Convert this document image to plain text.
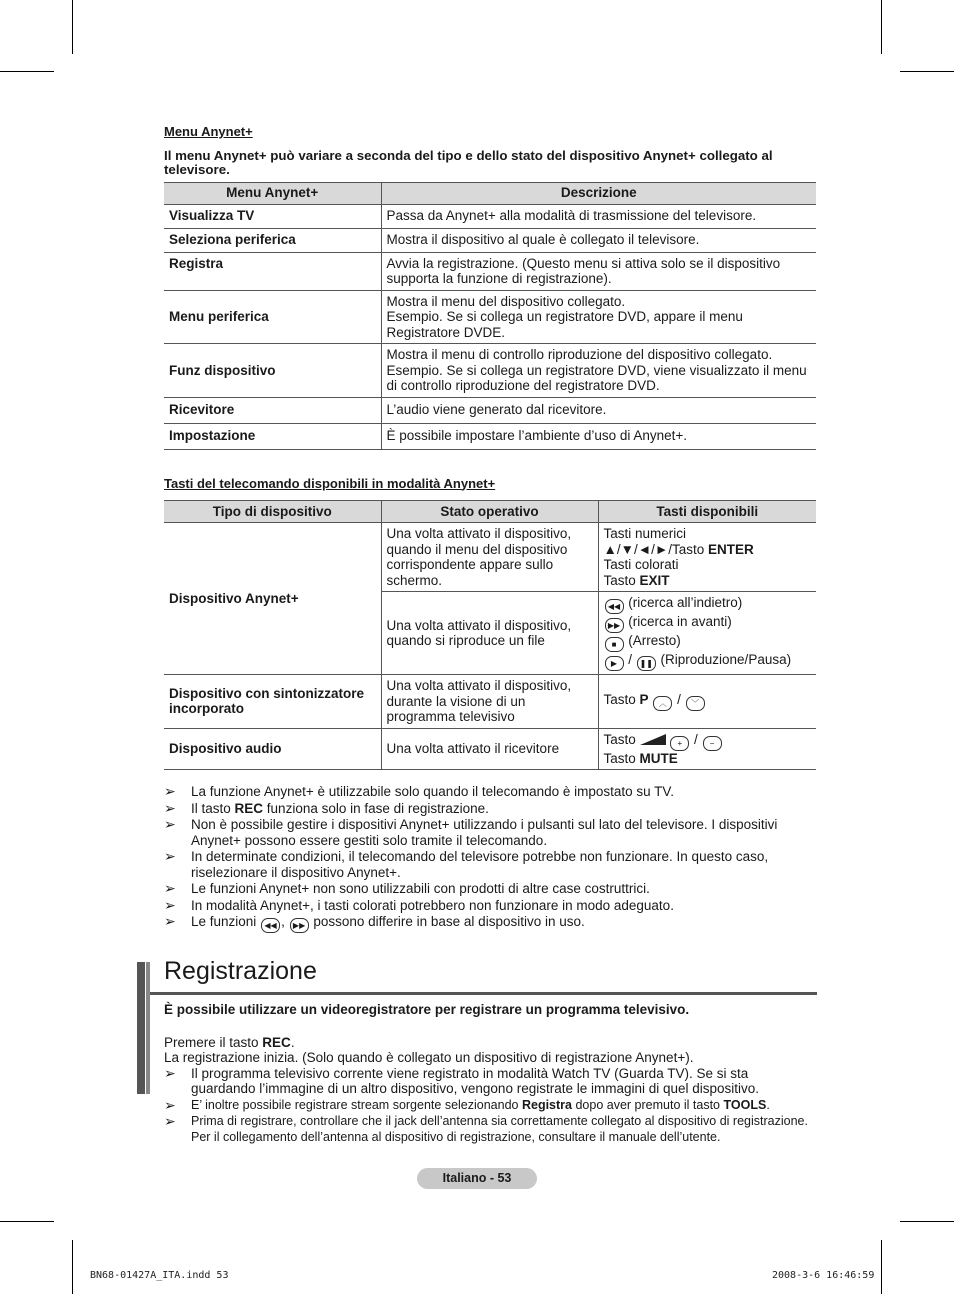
Menu Anynet+

Il menu Anynet+ può variare a seconda del tipo e dello stato del dispositivo Anynet+ collegato al televisore.
Menu Anynet+	Descrizione
Visualizza TV	Passa da Anynet+ alla modalità di trasmissione del televisore.
Seleziona periferica	Mostra il dispositivo al quale è collegato il televisore.
Registra	Avvia la registrazione. (Questo menu si attiva solo se il dispositivo supporta la funzione di registrazione).
Menu periferica	Mostra il menu del dispositivo collegato.
Esempio. Se si collega un registratore DVD, appare il menu Registratore DVDE.

Funz dispositivo	Mostra il menu di controllo riproduzione del dispositivo collegato.
Esempio. Se si collega un registratore DVD, viene visualizzato il menu di controllo riproduzione del registratore DVD.

Ricevitore	L’audio viene generato dal ricevitore.
Impostazione	È possibile impostare l’ambiente d’uso di Anynet+.

Tasti del telecomando disponibili in modalità Anynet+

Tipo di dispositivo	Stato operativo	Tasti disponibili
Dispositivo Anynet+	Una volta attivato il dispositivo, quando il menu del dispositivo corrispondente appare sullo schermo.	Tasti numerici
▲/▼/◄/►/Tasto ENTER
Tasti colorati
Tasto EXIT

	Una volta attivato il dispositivo, quando si riproduce un file	◀◀ (ricerca all’indietro)
▶▶ (ricerca in avanti)
■ (Arresto)
▶ / ❚❚ (Riproduzione/Pausa)

Dispositivo con sintonizzatore incorporato	Una volta attivato il dispositivo, durante la visione di un programma televisivo	Tasto P ︿ / ﹀
Dispositivo audio	Una volta attivato il ricevitore	Tasto + / −
Tasto MUTE
➢	La funzione Anynet+ è utilizzabile solo quando il telecomando è impostato su TV.
➢	Il tasto REC funziona solo in fase di registrazione.
➢	Non è possibile gestire i dispositivi Anynet+ utilizzando i pulsanti sul lato del televisore. I dispositivi Anynet+ possono essere gestiti solo tramite il telecomando.
➢	In determinate condizioni, il telecomando del televisore potrebbe non funzionare. In questo caso, riselezionare il dispositivo Anynet+.
➢	Le funzioni Anynet+ non sono utilizzabili con prodotti di altre case costruttrici.
➢	In modalità Anynet+, i tasti colorati potrebbero non funzionare in modo adeguato.
➢	Le funzioni ◀◀ , ▶▶ possono differire in base al dispositivo in uso.
Registrazione
È possibile utilizzare un videoregistratore per registrare un programma televisivo.
Premere il tasto REC.
La registrazione inizia. (Solo quando è collegato un dispositivo di registrazione Anynet+).
➢	Il programma televisivo corrente viene registrato in modalità Watch TV (Guarda TV). Se si sta guardando l’immagine di un altro dispositivo, vengono registrate le immagini di quel dispositivo.
➢	E’ inoltre possibile registrare stream sorgente selezionando Registra dopo aver premuto il tasto TOOLS.
➢	Prima di registrare, controllare che il jack dell’antenna sia correttamente collegato al dispositivo di registrazione. Per il collegamento dell’antenna al dispositivo di registrazione, consultare il manuale dell’utente.
Italiano - 53
BN68-01427A_ITA.indd 53	2008-3-6 16:46:59
